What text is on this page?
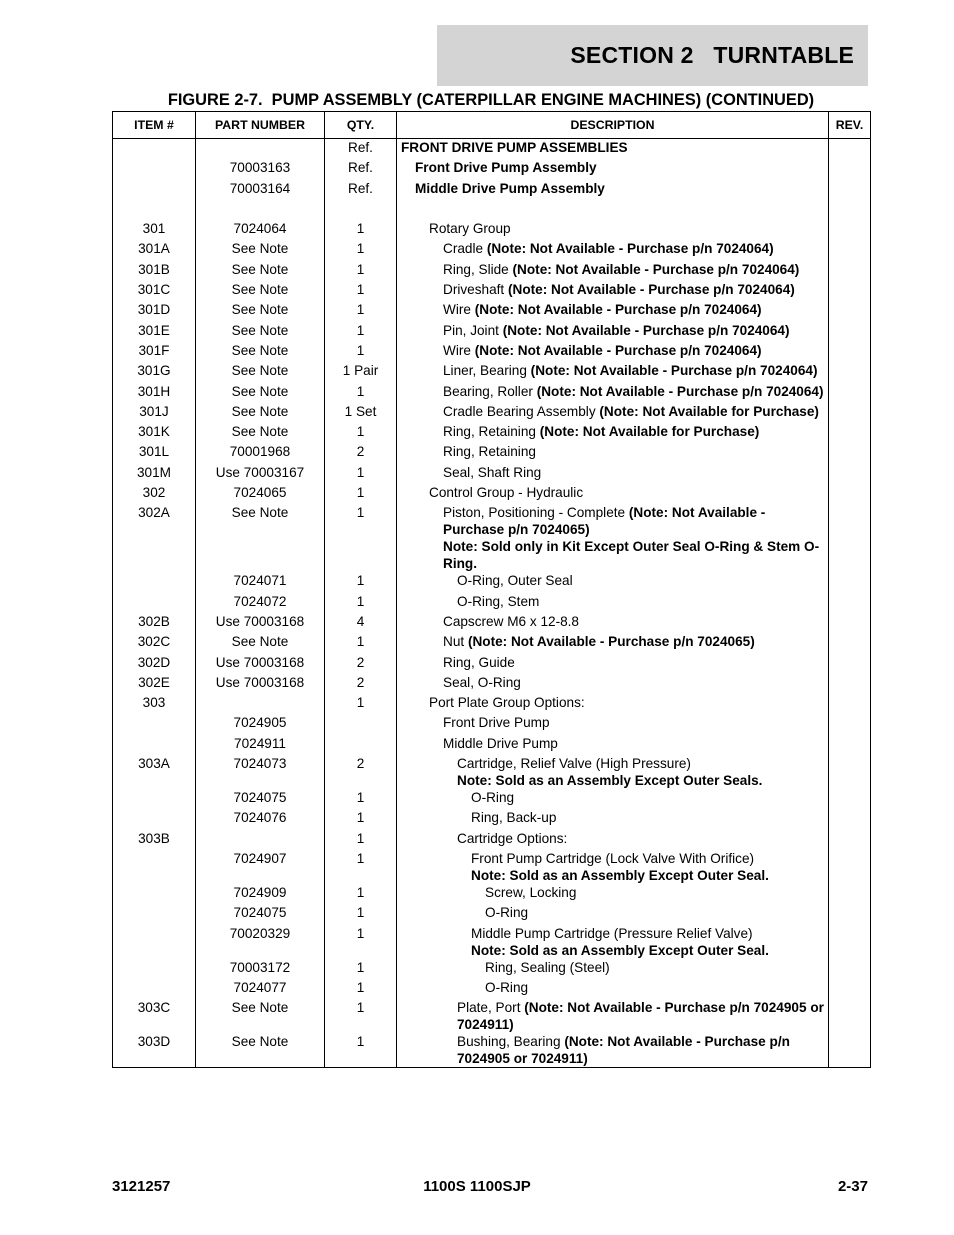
SECTION 2   TURNTABLE
FIGURE 2-7.  PUMP ASSEMBLY (CATERPILLAR ENGINE MACHINES) (CONTINUED)
ITEM #	PART NUMBER	QTY.	DESCRIPTION	REV.
		Ref.	FRONT DRIVE PUMP ASSEMBLIES	

	70003163	Ref.	Front Drive Pump Assembly	

	70003164	Ref.	Middle Drive Pump Assembly	

301	7024064	1	Rotary Group	

301A	See Note	1	Cradle (Note: Not Available - Purchase p/n 7024064)	

301B	See Note	1	Ring, Slide (Note: Not Available - Purchase p/n 7024064)	

301C	See Note	1	Driveshaft (Note: Not Available - Purchase p/n 7024064)	

301D	See Note	1	Wire (Note: Not Available - Purchase p/n 7024064)	

301E	See Note	1	Pin, Joint (Note: Not Available - Purchase p/n 7024064)	

301F	See Note	1	Wire (Note: Not Available - Purchase p/n 7024064)	

301G	See Note	1 Pair	Liner, Bearing (Note: Not Available - Purchase p/n 7024064)	

301H	See Note	1	Bearing, Roller (Note: Not Available - Purchase p/n 7024064)	

301J	See Note	1 Set	Cradle Bearing Assembly (Note: Not Available for Purchase)	

301K	See Note	1	Ring, Retaining (Note: Not Available for Purchase)	

301L	70001968	2	Ring, Retaining	

301M	Use 70003167	1	Seal, Shaft Ring	

302	7024065	1	Control Group - Hydraulic	

302A	See Note	1	Piston, Positioning - Complete (Note: Not Available - Purchase p/n 7024065)
Note: Sold only in Kit Except Outer Seal O-Ring & Stem O-Ring.	

	7024071	1	O-Ring, Outer Seal	

	7024072	1	O-Ring, Stem	

302B	Use 70003168	4	Capscrew M6 x 12-8.8	

302C	See Note	1	Nut (Note: Not Available - Purchase p/n 7024065)	

302D	Use 70003168	2	Ring, Guide	

302E	Use 70003168	2	Seal, O-Ring	

303		1	Port Plate Group Options:	

	7024905		Front Drive Pump	

	7024911		Middle Drive Pump	

303A	7024073	2	Cartridge, Relief Valve (High Pressure)
Note: Sold as an Assembly Except Outer Seals.	

	7024075	1	O-Ring	

	7024076	1	Ring, Back-up	

303B		1	Cartridge Options:	

	7024907	1	Front Pump Cartridge (Lock Valve With Orifice)
Note: Sold as an Assembly Except Outer Seal.	

	7024909	1	Screw, Locking	

	7024075	1	O-Ring	

	70020329	1	Middle Pump Cartridge (Pressure Relief Valve)
Note: Sold as an Assembly Except Outer Seal.	

	70003172	1	Ring, Sealing (Steel)	

	7024077	1	O-Ring	

303C	See Note	1	Plate, Port (Note: Not Available - Purchase p/n 7024905 or 7024911)	

303D	See Note	1	Bushing, Bearing (Note: Not Available - Purchase p/n 7024905 or 7024911)	

3121257	1100S 1100SJP	2-37
